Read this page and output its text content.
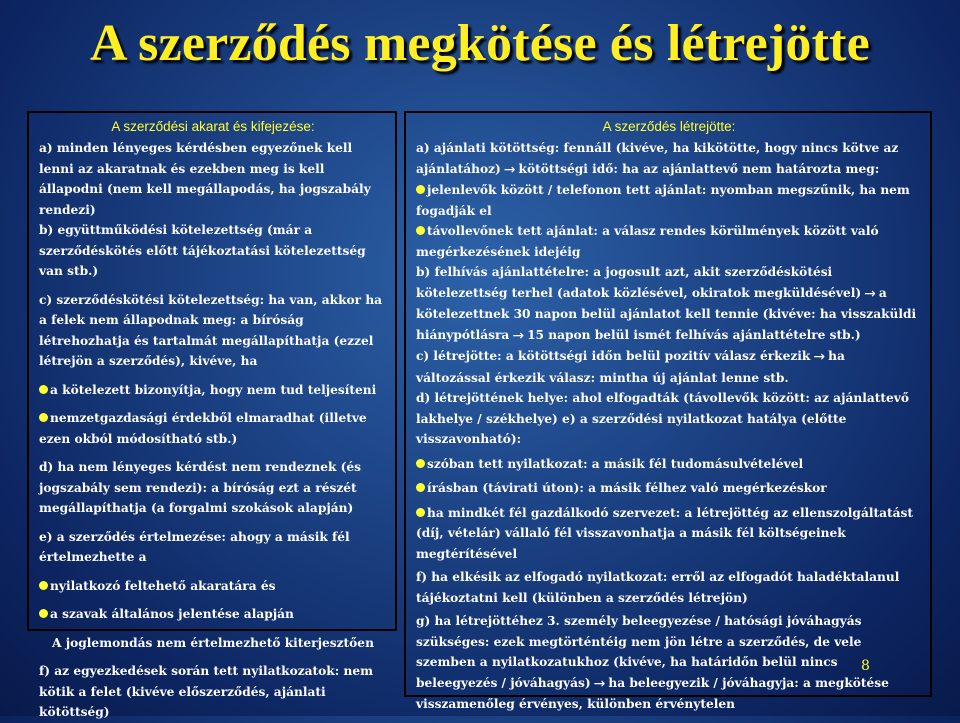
A szerződés megkötése és létrejötte
A szerződési akarat és kifejezése:

a) minden lényeges kérdésben egyezőnek kell lenni az akaratnak és ezekben meg is kell állapodni (nem kell megállapodás, ha jogszabály rendezi)

b) együttműködési kötelezettség (már a szerződéskötés előtt tájékoztatási kötelezettség van stb.)

c) szerződéskötési kötelezettség: ha van, akkor ha a felek nem állapodnak meg: a bíróság létrehozhatja és tartalmát megállapíthatja (ezzel létrejön a szerződés), kivéve, ha

a kötelezett bizonyítja, hogy nem tud teljesíteni

nemzetgazdasági érdekből elmaradhat (illetve ezen okból módosítható stb.)

d) ha nem lényeges kérdést nem rendeznek (és jogszabály sem rendezi): a bíróság ezt a részét megállapíthatja (a forgalmi szokások alapján)

e) a szerződés értelmezése: ahogy a másik fél értelmezhette a

nyilatkozó feltehető akaratára és

a szavak általános jelentése alapján

A joglemondás nem értelmezhető kiterjesztően

f) az egyezkedések során tett nyilatkozatok: nem kötik a felet (kivéve előszerződés, ajánlati kötöttség)

A szerződés létrejötte:

a) ajánlati kötöttség: fennáll (kivéve, ha kikötötte, hogy nincs kötve az ajánlatához) → kötöttségi idő: ha az ajánlattevő nem határozta meg:

jelenlevők között / telefonon tett ajánlat: nyomban megszűnik, ha nem fogadják el

távollevőnek tett ajánlat: a válasz rendes körülmények között való megérkezésének idejéig

b) felhívás ajánlattételre: a jogosult azt, akit szerződéskötési kötelezettség terhel (adatok közlésével, okiratok megküldésével) → a kötelezettnek 30 napon belül ajánlatot kell tennie (kivéve: ha visszaküldi hiánypótlásra → 15 napon belül ismét felhívás ajánlattételre stb.)

c) létrejötte: a kötöttségi időn belül pozitív válasz érkezik → ha változással érkezik válasz: mintha új ajánlat lenne stb.

d) létrejöttének helye: ahol elfogadták (távollevők között: az ajánlattevő lakhelye / székhelye) e) a szerződési nyilatkozat hatálya (előtte visszavonható):

szóban tett nyilatkozat: a másik fél tudomásulvételével

írásban (távirati úton): a másik félhez való megérkezéskor

ha mindkét fél gazdálkodó szervezet: a létrejöttég az ellenszolgáltatást (díj, vételár) vállaló fél visszavonhatja a másik fél költségeinek megtérítésével

f) ha elkésik az elfogadó nyilatkozat: erről az elfogadót haladéktalanul tájékoztatni kell (különben a szerződés létrejön)

g) ha létrejöttéhez 3. személy beleegyezése / hatósági jóváhagyás szükséges: ezek megtörténtéig nem jön létre a szerződés, de vele szemben a nyilatkozatukhoz (kivéve, ha határidőn belül nincs beleegyezés / jóváhagyás) → ha beleegyezik / jóváhagyja: a megkötése visszamenőleg érvényes, különben érvénytelen

8
